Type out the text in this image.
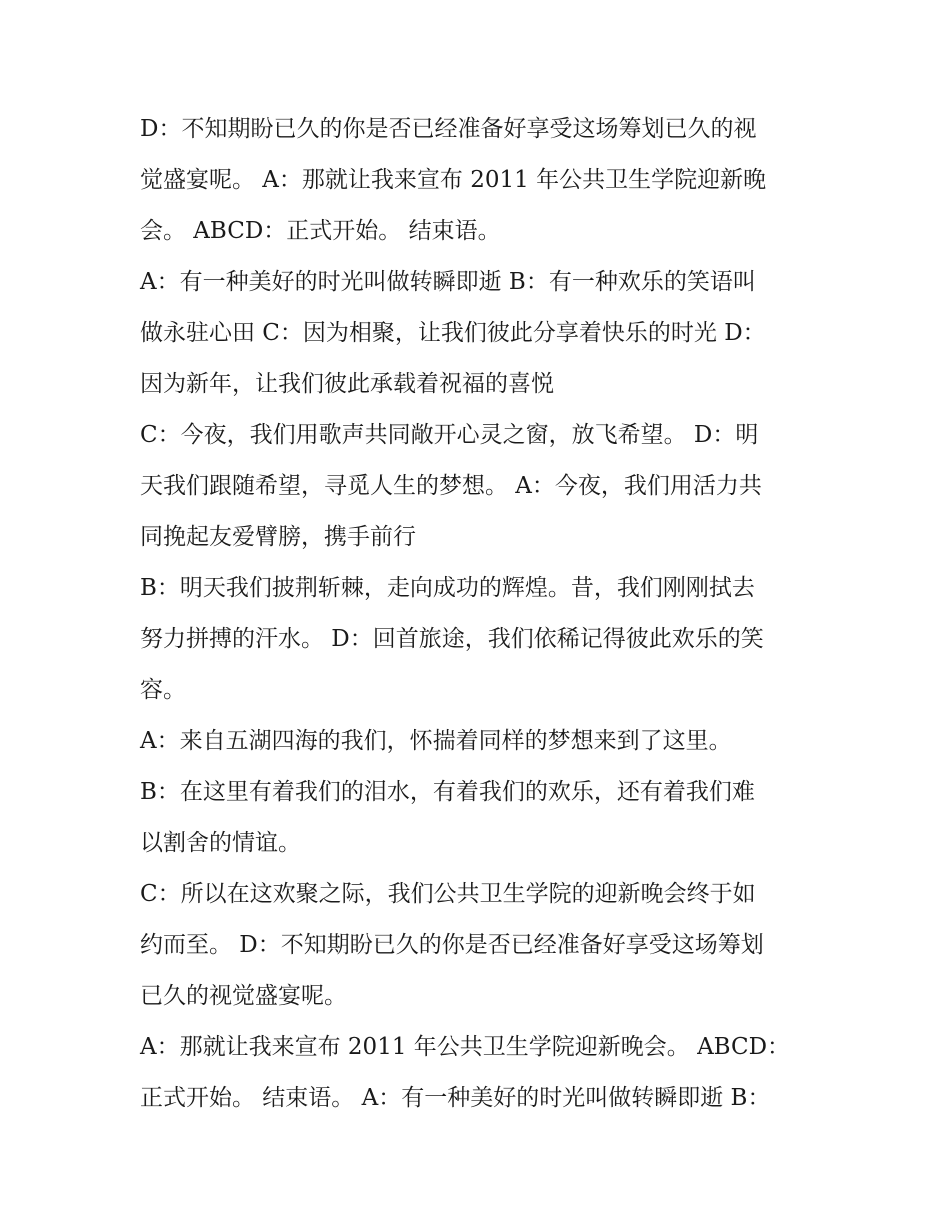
D：不知期盼已久的你是否已经准备好享受这场筹划已久的视
觉盛宴呢。 A：那就让我来宣布 2011 年公共卫生学院迎新晚
会。 ABCD：正式开始。 结束语。

A：有一种美好的时光叫做转瞬即逝 B：有一种欢乐的笑语叫
做永驻心田 C：因为相聚，让我们彼此分享着快乐的时光 D：
因为新年，让我们彼此承载着祝福的喜悦

C：今夜，我们用歌声共同敞开心灵之窗，放飞希望。 D：明
天我们跟随希望，寻觅人生的梦想。 A：今夜，我们用活力共
同挽起友爱臂膀，携手前行

B：明天我们披荆斩棘，走向成功的辉煌。昔，我们刚刚拭去
努力拼搏的汗水。 D：回首旅途，我们依稀记得彼此欢乐的笑
容。

A：来自五湖四海的我们，怀揣着同样的梦想来到了这里。

B：在这里有着我们的泪水，有着我们的欢乐，还有着我们难
以割舍的情谊。

C：所以在这欢聚之际，我们公共卫生学院的迎新晚会终于如
约而至。 D：不知期盼已久的你是否已经准备好享受这场筹划
已久的视觉盛宴呢。

A：那就让我来宣布 2011 年公共卫生学院迎新晚会。 ABCD：
正式开始。 结束语。 A：有一种美好的时光叫做转瞬即逝 B：
